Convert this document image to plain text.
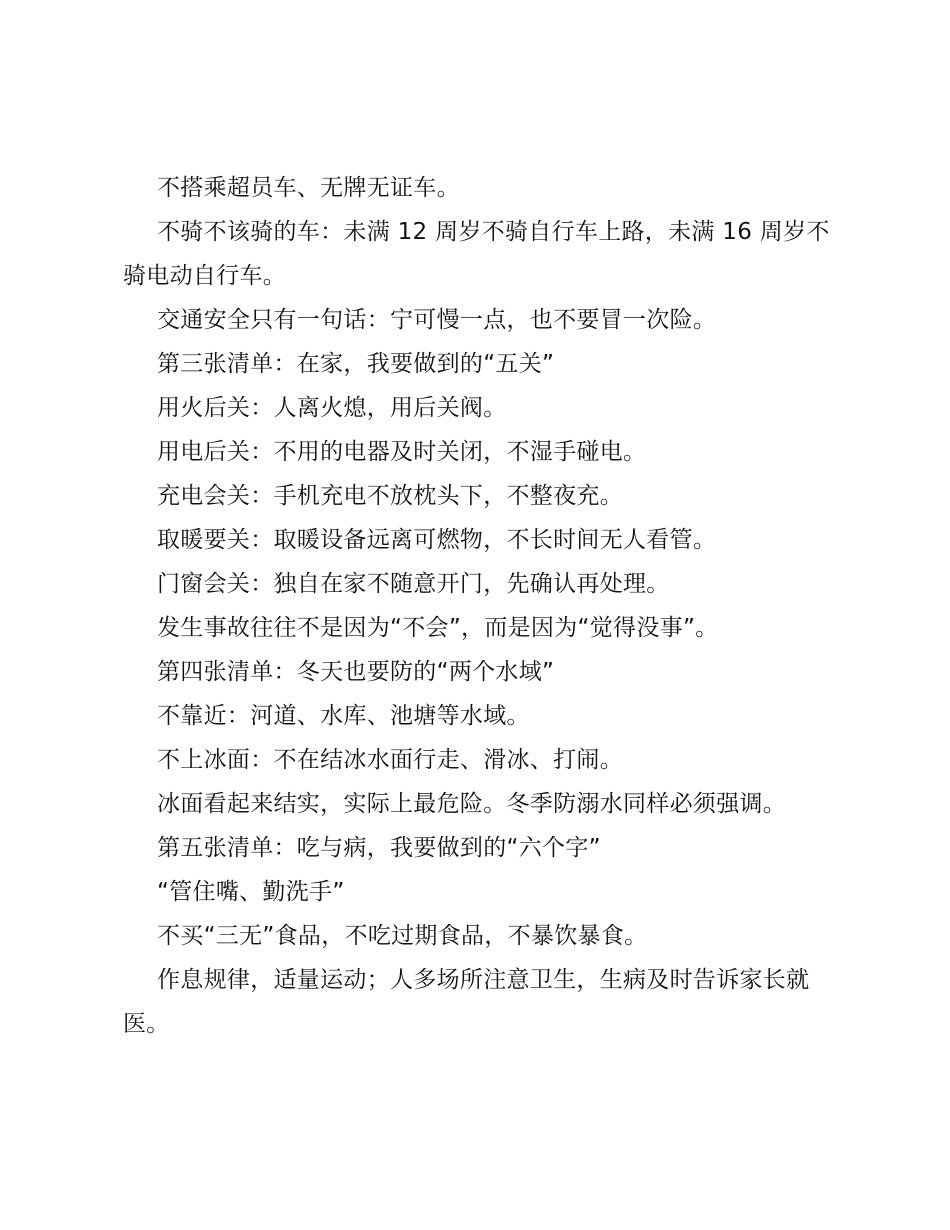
不搭乘超员车、无牌无证车。

不骑不该骑的车：未满 12 周岁不骑自行车上路，未满 16 周岁不骑电动自行车。

交通安全只有一句话：宁可慢一点，也不要冒一次险。

第三张清单：在家，我要做到的“五关”

用火后关：人离火熄，用后关阀。

用电后关：不用的电器及时关闭，不湿手碰电。

充电会关：手机充电不放枕头下，不整夜充。

取暖要关：取暖设备远离可燃物，不长时间无人看管。

门窗会关：独自在家不随意开门，先确认再处理。

发生事故往往不是因为“不会”，而是因为“觉得没事”。

第四张清单：冬天也要防的“两个水域”

不靠近：河道、水库、池塘等水域。

不上冰面：不在结冰水面行走、滑冰、打闹。

冰面看起来结实，实际上最危险。冬季防溺水同样必须强调。

第五张清单：吃与病，我要做到的“六个字”

“管住嘴、勤洗手”

不买“三无”食品，不吃过期食品，不暴饮暴食。

作息规律，适量运动；人多场所注意卫生，生病及时告诉家长就医。
